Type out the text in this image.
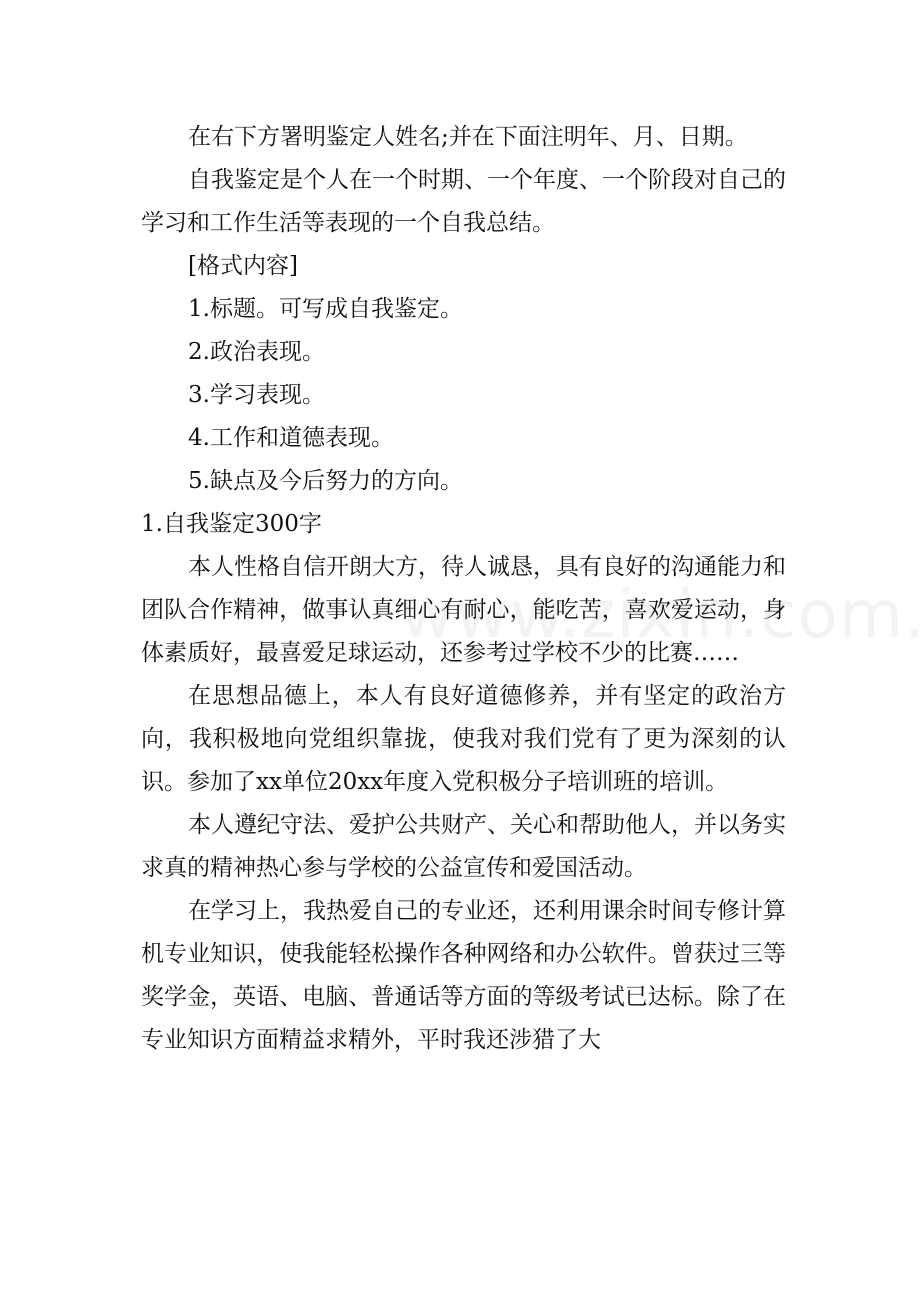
在右下方署明鉴定人姓名;并在下面注明年、月、日期。

自我鉴定是个人在一个时期、一个年度、一个阶段对自己的学习和工作生活等表现的一个自我总结。

[格式内容]

1.标题。可写成自我鉴定。

2.政治表现。

3.学习表现。

4.工作和道德表现。

5.缺点及今后努力的方向。

1.自我鉴定300字

本人性格自信开朗大方，待人诚恳，具有良好的沟通能力和团队合作精神，做事认真细心有耐心，能吃苦，喜欢爱运动，身体素质好，最喜爱足球运动，还参考过学校不少的比赛……

在思想品德上，本人有良好道德修养，并有坚定的政治方向，我积极地向党组织靠拢，使我对我们党有了更为深刻的认识。参加了xx单位20xx年度入党积极分子培训班的培训。

本人遵纪守法、爱护公共财产、关心和帮助他人，并以务实求真的精神热心参与学校的公益宣传和爱国活动。

在学习上，我热爱自己的专业还，还利用课余时间专修计算机专业知识，使我能轻松操作各种网络和办公软件。曾获过三等奖学金，英语、电脑、普通话等方面的等级考试已达标。除了在专业知识方面精益求精外，平时我还涉猎了大
